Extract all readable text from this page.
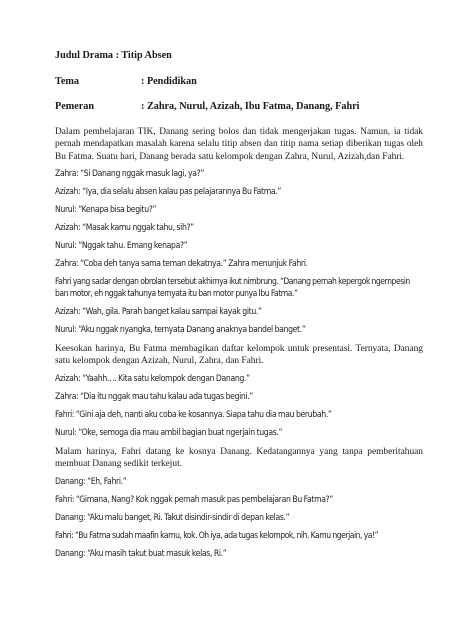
Judul Drama : Titip Absen
Tema	: Pendidikan
Pemeran	: Zahra, Nurul, Azizah, Ibu Fatma, Danang, Fahri

Dalam pembelajaran TIK, Danang sering bolos dan tidak mengerjakan tugas. Namun, ia tidak pernah mendapatkan masalah karena selalu titip absen dan titip nama setiap diberikan tugas oleh Bu Fatma. Suatu hari, Danang berada satu kelompok dengan Zahra, Nurul, Azizah,dan Fahri.

Zahra: “Si Danang nggak masuk lagi, ya?”

Azizah: “Iya, dia selalu absen kalau pas pelajarannya Bu Fatma.”

Nurul: “Kenapa bisa begitu?”

Azizah: “Masak kamu nggak tahu, sih?”

Nurul: “Nggak tahu. Emang kenapa?”

Zahra: “Coba deh tanya sama teman dekatnya.” Zahra menunjuk Fahri.

Fahri yang sadar dengan obrolan tersebut akhirnya ikut nimbrung. “Danang pernah kepergok ngempesin ban motor, eh nggak tahunya ternyata itu ban motor punya Ibu Fatma.”

Azizah: “Wah, gila. Parah banget kalau sampai kayak gitu.”

Nurul: “Aku nggak nyangka, ternyata Danang anaknya bandel banget.”

Keesokan harinya, Bu Fatma membagikan daftar kelompok untuk presentasi. Ternyata, Danang satu kelompok dengan Azizah, Nurul, Zahra, dan Fahri.

Azizah: “Yaahh…. Kita satu kelompok dengan Danang.”

Zahra: “Dia itu nggak mau tahu kalau ada tugas begini.”

Fahri: “Gini aja deh, nanti aku coba ke kosannya. Siapa tahu dia mau berubah.”

Nurul: “Oke, semoga dia mau ambil bagian buat ngerjain tugas.”

Malam harinya, Fahri datang ke kosnya Danang. Kedatangannya yang tanpa pemberitahuan membuat Danang sedikit terkejut.

Danang: “Eh, Fahri.”

Fahri: “Gimana, Nang? Kok nggak pernah masuk pas pembelajaran Bu Fatma?”

Danang: “Aku malu banget, Ri. Takut disindir-sindir di depan kelas.”

Fahri: “Bu Fatma sudah maafin kamu, kok. Oh iya, ada tugas kelompok, nih. Kamu ngerjain, ya!”

Danang: “Aku masih takut buat masuk kelas, Ri.”
